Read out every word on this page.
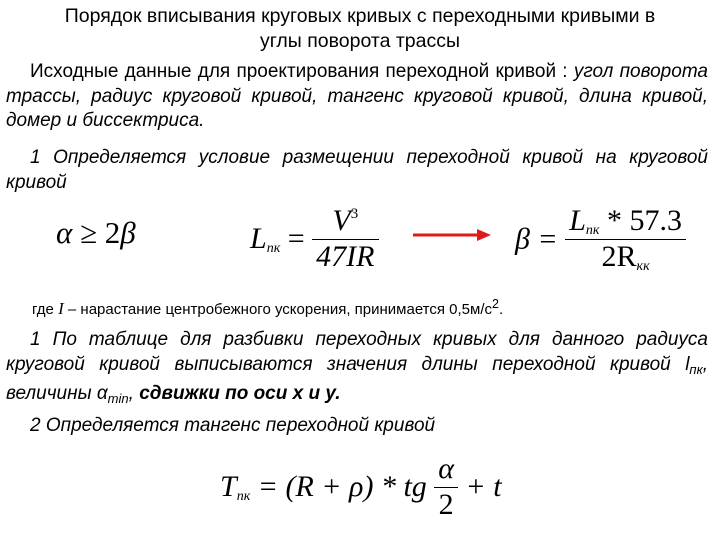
Порядок вписывания круговых кривых с переходными кривыми в
углы поворота трассы
Исходные данные для проектирования переходной кривой : угол поворота трассы, радиус круговой кривой, тангенс круговой кривой, длина кривой, домер и биссектриса.
1 Определяется условие размещении переходной кривой на круговой кривой
α ≥ 2β	$L_{пк} = \frac{V^3}{47IR}$	$\beta = \frac{L_{пк} * 57.3}{2R_{кк}}$
где I – нарастание центробежного ускорения, принимается $0,5м/с^2$.
1 По таблице для разбивки переходных кривых для данного радиуса круговой кривой выписываются значения длины переходной кривой $l_{пк}$, величины $\alpha_{min}$, сдвижки по оси х и у.
2 Определяется тангенс переходной кривой
$T_{пк} = (R + \rho)$ * tg $\frac{\alpha}{2} + t$
